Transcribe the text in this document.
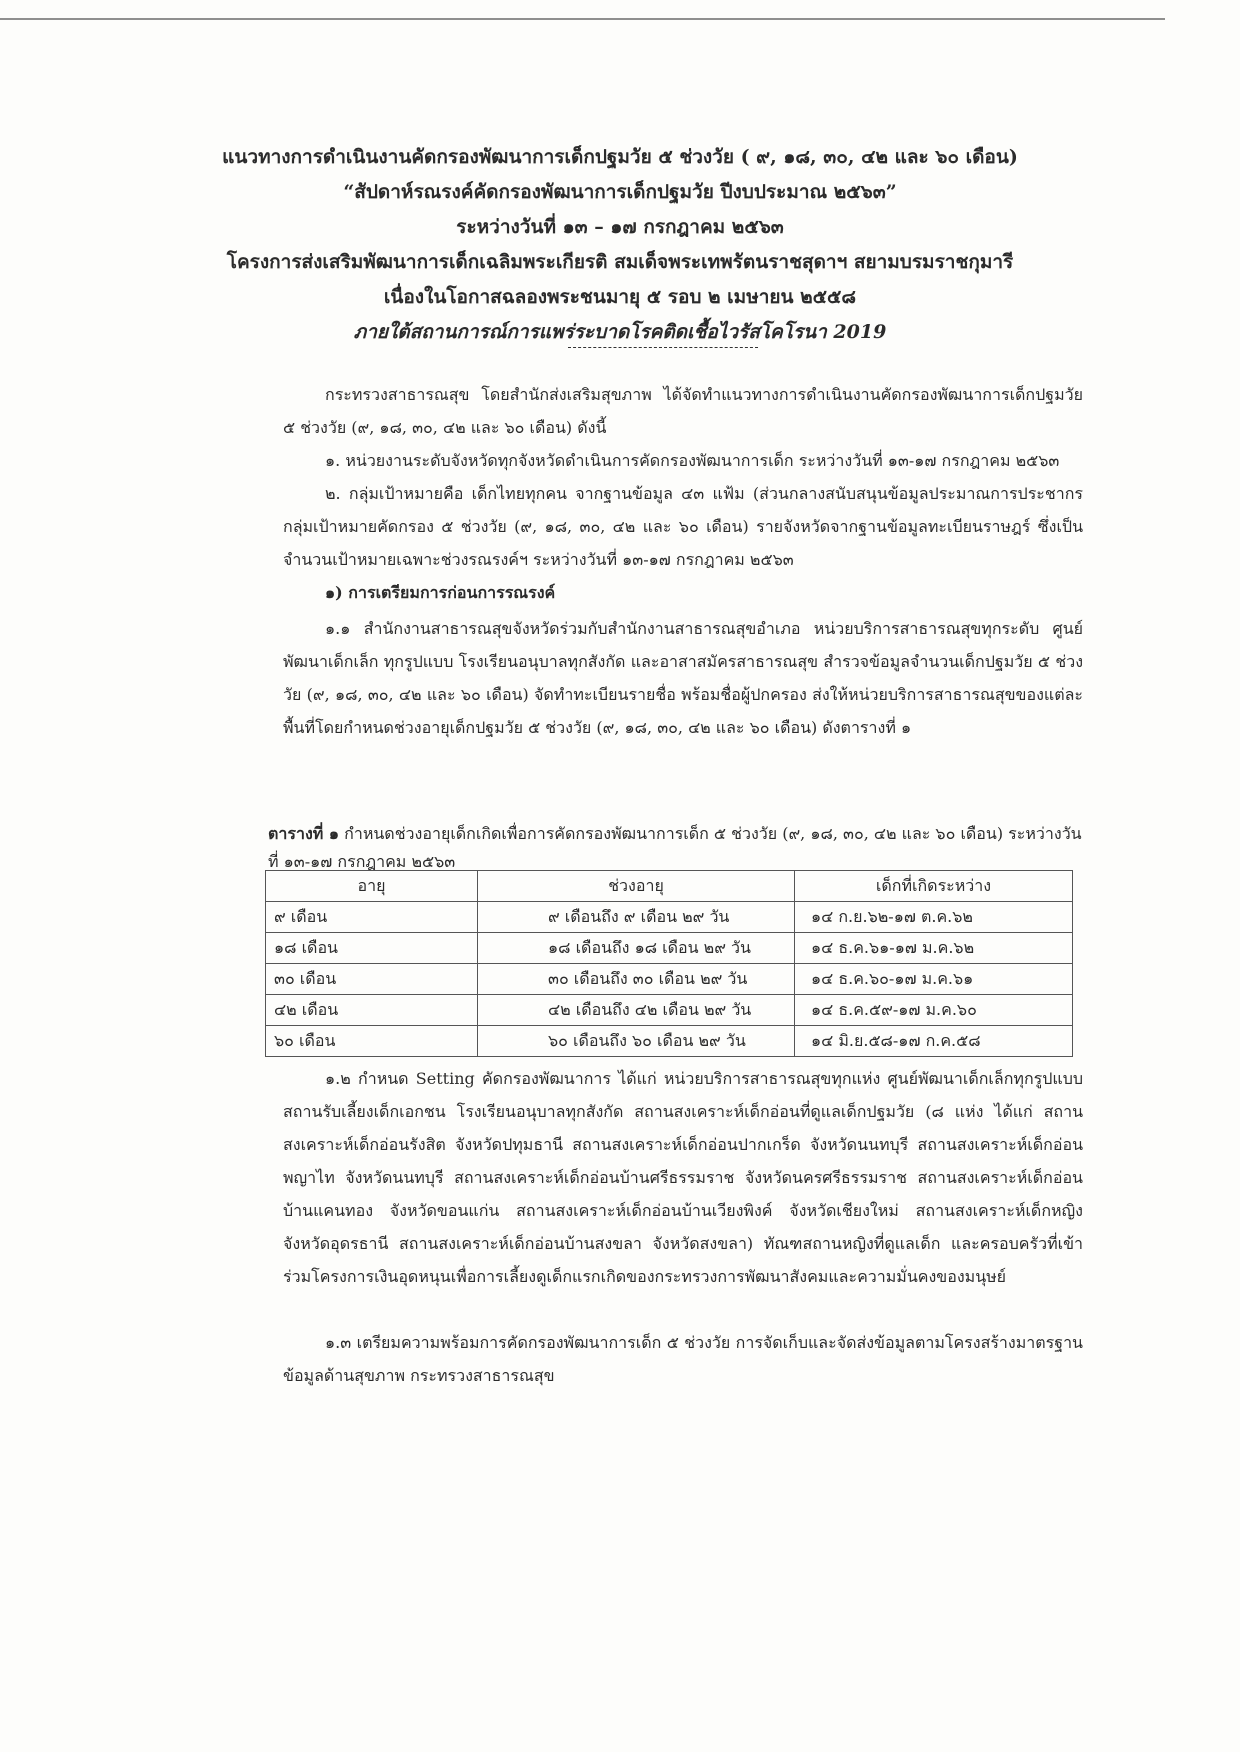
แนวทางการดำเนินงานคัดกรองพัฒนาการเด็กปฐมวัย ๕ ช่วงวัย ( ๙, ๑๘, ๓๐, ๔๒ และ ๖๐ เดือน)
“สัปดาห์รณรงค์คัดกรองพัฒนาการเด็กปฐมวัย ปีงบประมาณ ๒๕๖๓”
ระหว่างวันที่ ๑๓ – ๑๗ กรกฎาคม ๒๕๖๓
โครงการส่งเสริมพัฒนาการเด็กเฉลิมพระเกียรติ สมเด็จพระเทพรัตนราชสุดาฯ สยามบรมราชกุมารี
เนื่องในโอกาสฉลองพระชนมายุ ๕ รอบ ๒ เมษายน ๒๕๕๘
ภายใต้สถานการณ์การแพร่ระบาดโรคติดเชื้อไวรัสโคโรนา 2019
กระทรวงสาธารณสุข โดยสำนักส่งเสริมสุขภาพ ได้จัดทำแนวทางการดำเนินงานคัดกรองพัฒนาการเด็กปฐมวัย ๕ ช่วงวัย (๙, ๑๘, ๓๐, ๔๒ และ ๖๐ เดือน) ดังนี้
๑. หน่วยงานระดับจังหวัดทุกจังหวัดดำเนินการคัดกรองพัฒนาการเด็ก ระหว่างวันที่ ๑๓-๑๗ กรกฎาคม ๒๕๖๓
๒. กลุ่มเป้าหมายคือ เด็กไทยทุกคน จากฐานข้อมูล ๔๓ แฟ้ม (ส่วนกลางสนับสนุนข้อมูลประมาณการประชากรกลุ่มเป้าหมายคัดกรอง ๕ ช่วงวัย (๙, ๑๘, ๓๐, ๔๒ และ ๖๐ เดือน) รายจังหวัดจากฐานข้อมูลทะเบียนราษฎร์ ซึ่งเป็นจำนวนเป้าหมายเฉพาะช่วงรณรงค์ฯ ระหว่างวันที่ ๑๓-๑๗ กรกฎาคม ๒๕๖๓
๑) การเตรียมการก่อนการรณรงค์
๑.๑ สำนักงานสาธารณสุขจังหวัดร่วมกับสำนักงานสาธารณสุขอำเภอ หน่วยบริการสาธารณสุขทุกระดับ ศูนย์พัฒนาเด็กเล็ก ทุกรูปแบบ โรงเรียนอนุบาลทุกสังกัด และอาสาสมัครสาธารณสุข สำรวจข้อมูลจำนวนเด็กปฐมวัย ๕ ช่วงวัย (๙, ๑๘, ๓๐, ๔๒ และ ๖๐ เดือน) จัดทำทะเบียนรายชื่อ พร้อมชื่อผู้ปกครอง ส่งให้หน่วยบริการสาธารณสุขของแต่ละพื้นที่โดยกำหนดช่วงอายุเด็กปฐมวัย ๕ ช่วงวัย (๙, ๑๘, ๓๐, ๔๒ และ ๖๐ เดือน) ดังตารางที่ ๑
ตารางที่ ๑ กำหนดช่วงอายุเด็กเกิดเพื่อการคัดกรองพัฒนาการเด็ก ๕ ช่วงวัย (๙, ๑๘, ๓๐, ๔๒ และ ๖๐ เดือน) ระหว่างวันที่ ๑๓-๑๗ กรกฎาคม ๒๕๖๓
อายุ	ช่วงอายุ	เด็กที่เกิดระหว่าง
๙ เดือน	๙ เดือนถึง ๙ เดือน ๒๙ วัน	๑๔ ก.ย.๖๒-๑๗ ต.ค.๖๒
๑๘ เดือน	๑๘ เดือนถึง ๑๘ เดือน ๒๙ วัน	๑๔ ธ.ค.๖๑-๑๗ ม.ค.๖๒
๓๐ เดือน	๓๐ เดือนถึง ๓๐ เดือน ๒๙ วัน	๑๔ ธ.ค.๖๐-๑๗ ม.ค.๖๑
๔๒ เดือน	๔๒ เดือนถึง ๔๒ เดือน ๒๙ วัน	๑๔ ธ.ค.๕๙-๑๗ ม.ค.๖๐
๖๐ เดือน	๖๐ เดือนถึง ๖๐ เดือน ๒๙ วัน	๑๔ มิ.ย.๕๘-๑๗ ก.ค.๕๘
๑.๒ กำหนด Setting คัดกรองพัฒนาการ ได้แก่ หน่วยบริการสาธารณสุขทุกแห่ง ศูนย์พัฒนาเด็กเล็กทุกรูปแบบ สถานรับเลี้ยงเด็กเอกชน โรงเรียนอนุบาลทุกสังกัด สถานสงเคราะห์เด็กอ่อนที่ดูแลเด็กปฐมวัย (๘ แห่ง ได้แก่ สถานสงเคราะห์เด็กอ่อนรังสิต จังหวัดปทุมธานี สถานสงเคราะห์เด็กอ่อนปากเกร็ด จังหวัดนนทบุรี สถานสงเคราะห์เด็กอ่อนพญาไท จังหวัดนนทบุรี สถานสงเคราะห์เด็กอ่อนบ้านศรีธรรมราช จังหวัดนครศรีธรรมราช สถานสงเคราะห์เด็กอ่อนบ้านแคนทอง จังหวัดขอนแก่น สถานสงเคราะห์เด็กอ่อนบ้านเวียงพิงค์ จังหวัดเชียงใหม่ สถานสงเคราะห์เด็กหญิง จังหวัดอุดรธานี สถานสงเคราะห์เด็กอ่อนบ้านสงขลา จังหวัดสงขลา) ทัณฑสถานหญิงที่ดูแลเด็ก และครอบครัวที่เข้าร่วมโครงการเงินอุดหนุนเพื่อการเลี้ยงดูเด็กแรกเกิดของกระทรวงการพัฒนาสังคมและความมั่นคงของมนุษย์
๑.๓ เตรียมความพร้อมการคัดกรองพัฒนาการเด็ก ๕ ช่วงวัย การจัดเก็บและจัดส่งข้อมูลตามโครงสร้างมาตรฐานข้อมูลด้านสุขภาพ กระทรวงสาธารณสุข
